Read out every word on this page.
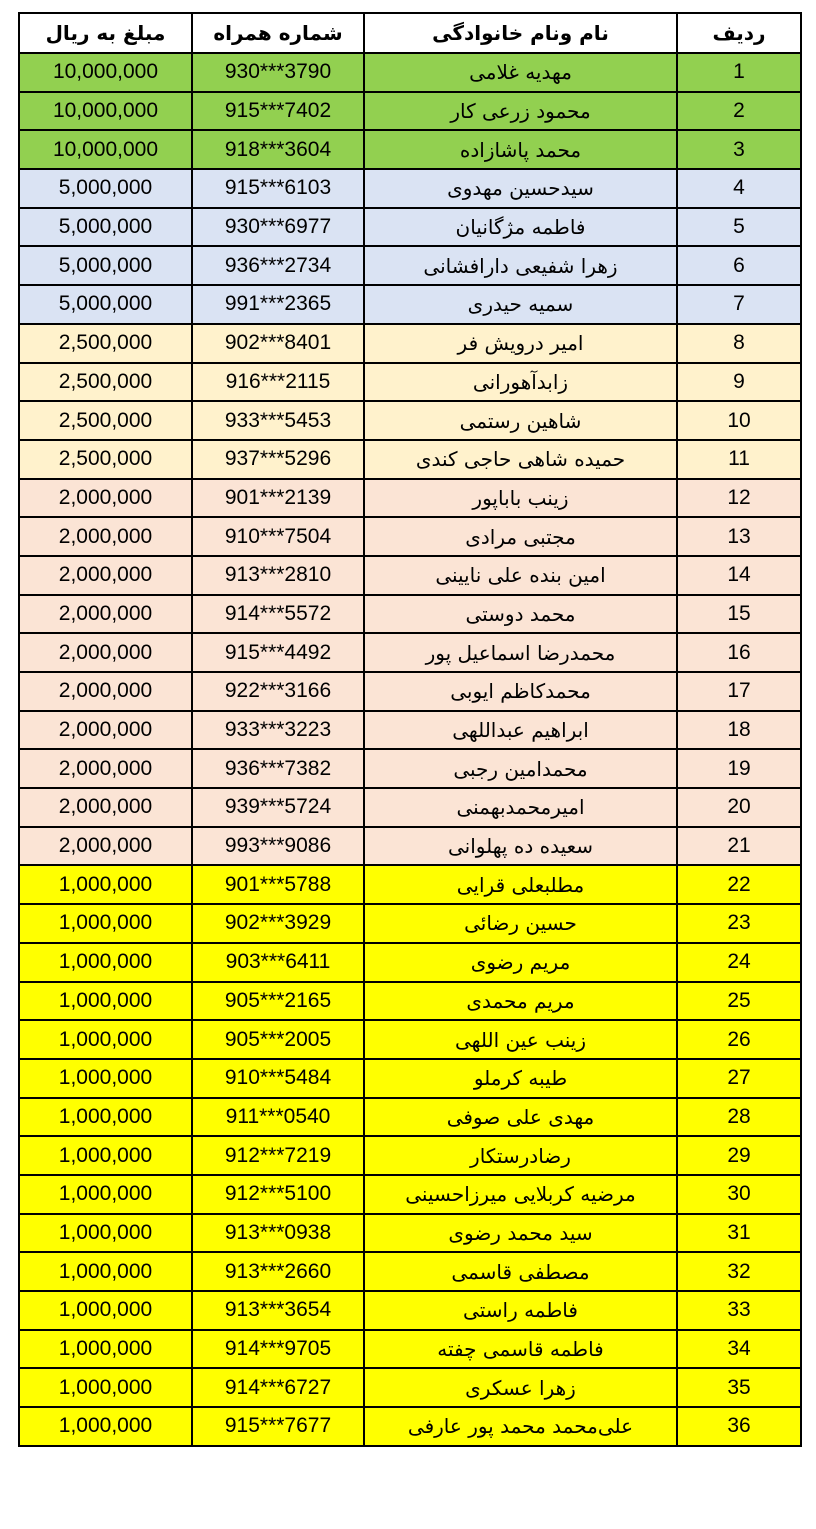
ردیف	نام ونام خانوادگی	شماره همراه	مبلغ به ریال
1	مهدیه غلامی	930***3790	10,000,000
2	محمود زرعی کار	915***7402	10,000,000
3	محمد پاشازاده	918***3604	10,000,000
4	سیدحسین مهدوی	915***6103	5,000,000
5	فاطمه مژگانیان	930***6977	5,000,000
6	زهرا شفیعی دارافشانی	936***2734	5,000,000
7	سمیه حیدری	991***2365	5,000,000
8	امیر درویش فر	902***8401	2,500,000
9	زابدآهورانی	916***2115	2,500,000
10	شاهین رستمی	933***5453	2,500,000
11	حمیده شاهی حاجی کندی	937***5296	2,500,000
12	زینب باباپور	901***2139	2,000,000
13	مجتبی مرادی	910***7504	2,000,000
14	امین بنده علی نایینی	913***2810	2,000,000
15	محمد دوستی	914***5572	2,000,000
16	محمدرضا اسماعیل پور	915***4492	2,000,000
17	محمدکاظم ایوبی	922***3166	2,000,000
18	ابراهیم عبداللهی	933***3223	2,000,000
19	محمدامین رجبی	936***7382	2,000,000
20	امیرمحمدبهمنی	939***5724	2,000,000
21	سعیده ده پهلوانی	993***9086	2,000,000
22	مطلبعلی قرایی	901***5788	1,000,000
23	حسین رضائی	902***3929	1,000,000
24	مریم رضوی	903***6411	1,000,000
25	مریم محمدی	905***2165	1,000,000
26	زینب عین اللهی	905***2005	1,000,000
27	طیبه کرملو	910***5484	1,000,000
28	مهدی علی صوفی	911***0540	1,000,000
29	رضادرستکار	912***7219	1,000,000
30	مرضیه کربلایی میرزاحسینی	912***5100	1,000,000
31	سید محمد رضوی	913***0938	1,000,000
32	مصطفی قاسمی	913***2660	1,000,000
33	فاطمه راستی	913***3654	1,000,000
34	فاطمه قاسمی چفته	914***9705	1,000,000
35	زهرا عسکری	914***6727	1,000,000
36	علی‌محمد محمد پور عارفی	915***7677	1,000,000
